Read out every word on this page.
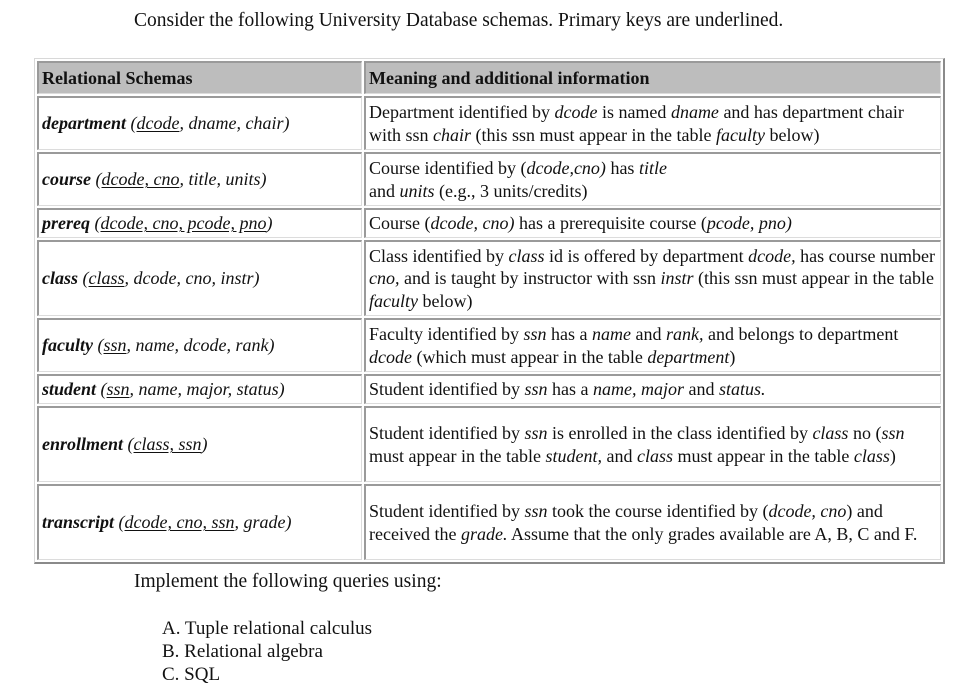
Consider the following University Database schemas. Primary keys are underlined.

Relational Schemas	Meaning and additional information
department (dcode, dname, chair)	Department identified by dcode is named dname and has department chair with ssn chair (this ssn must appear in the table faculty below)
course (dcode, cno, title, units)	Course identified by (dcode,cno) has title
and units (e.g., 3 units/credits)
prereq (dcode, cno, pcode, pno)	Course (dcode, cno) has a prerequisite course (pcode, pno)
class (class, dcode, cno, instr)	Class identified by class id is offered by department dcode, has course number cno, and is taught by instructor with ssn instr (this ssn must appear in the table faculty below)
faculty (ssn, name, dcode, rank)	Faculty identified by ssn has a name and rank, and belongs to department dcode (which must appear in the table department)
student (ssn, name, major, status)	Student identified by ssn has a name, major and status.
enrollment (class, ssn)	Student identified by ssn is enrolled in the class identified by class no (ssn must appear in the table student, and class must appear in the table class)
transcript (dcode, cno, ssn, grade)	Student identified by ssn took the course identified by (dcode, cno) and received the grade. Assume that the only grades available are A, B, C and F.

Implement the following queries using:

A. Tuple relational calculus
B. Relational algebra
C. SQL
